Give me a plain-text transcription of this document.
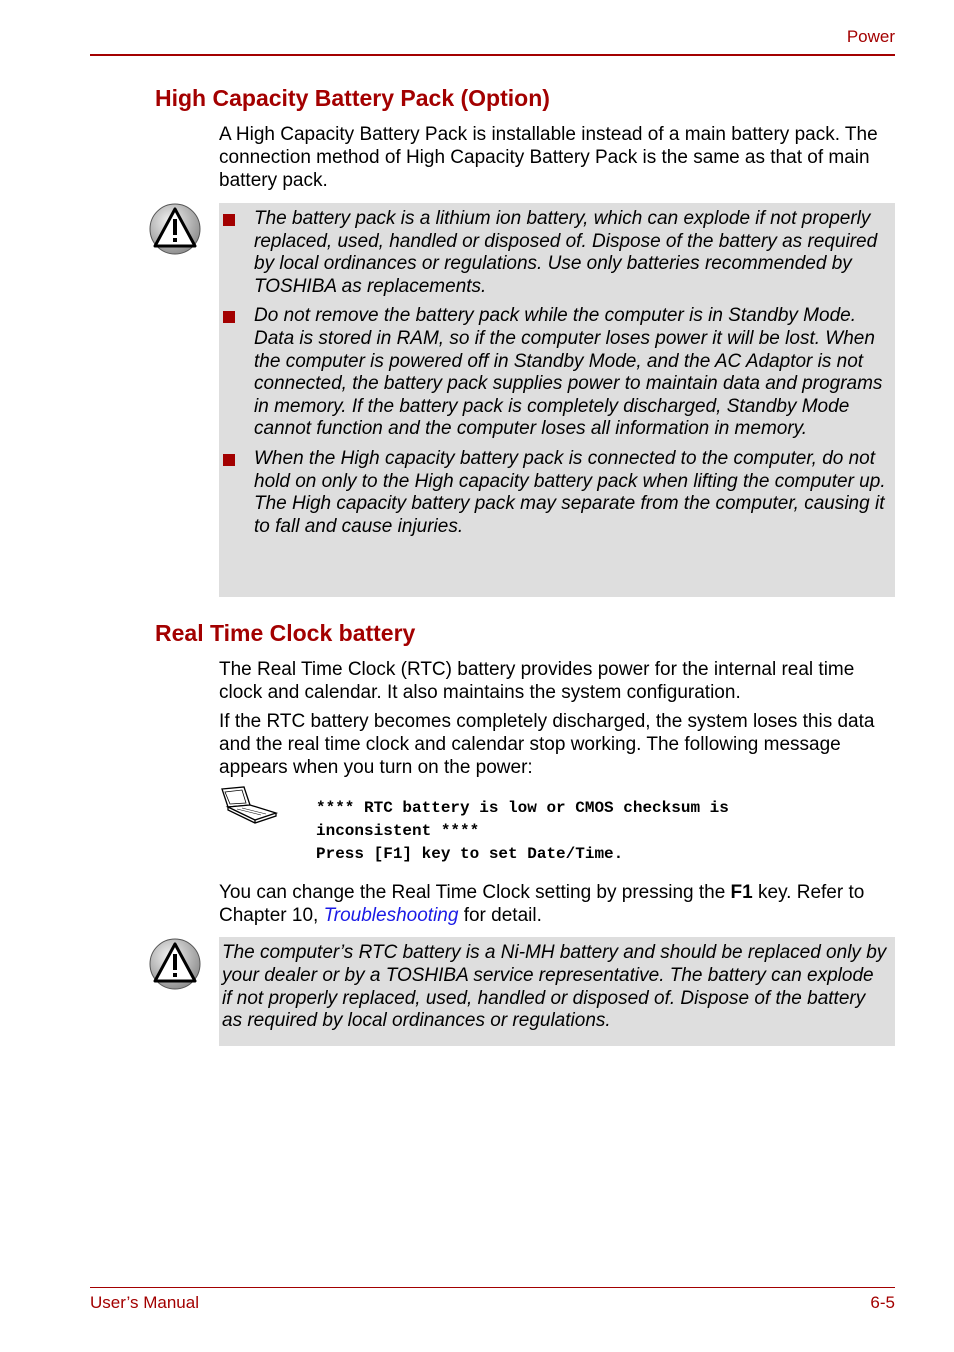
Power
High Capacity Battery Pack (Option)

A High Capacity Battery Pack is installable instead of a main battery pack. The connection method of High Capacity Battery Pack is the same as that of main battery pack.

The battery pack is a lithium ion battery, which can explode if not properly replaced, used, handled or disposed of. Dispose of the battery as required by local ordinances or regulations. Use only batteries recommended by TOSHIBA as replacements.
Do not remove the battery pack while the computer is in Standby Mode. Data is stored in RAM, so if the computer loses power it will be lost. When the computer is powered off in Standby Mode, and the AC Adaptor is not connected, the battery pack supplies power to maintain data and programs in memory. If the battery pack is completely discharged, Standby Mode cannot function and the computer loses all information in memory.
When the High capacity battery pack is connected to the computer, do not hold on only to the High capacity battery pack when lifting the computer up.
The High capacity battery pack may separate from the computer, causing it to fall and cause injuries.
Real Time Clock battery

The Real Time Clock (RTC) battery provides power for the internal real time clock and calendar. It also maintains the system configuration.

If the RTC battery becomes completely discharged, the system loses this data and the real time clock and calendar stop working. The following message appears when you turn on the power:

**** RTC battery is low or CMOS checksum is
inconsistent ****
Press [F1] key to set Date/Time.

You can change the Real Time Clock setting by pressing the F1 key. Refer to Chapter 10, Troubleshooting for detail.

The computer’s RTC battery is a Ni-MH battery and should be replaced only by your dealer or by a TOSHIBA service representative. The battery can explode if not properly replaced, used, handled or disposed of. Dispose of the battery as required by local ordinances or regulations.

User’s Manual	6-5
